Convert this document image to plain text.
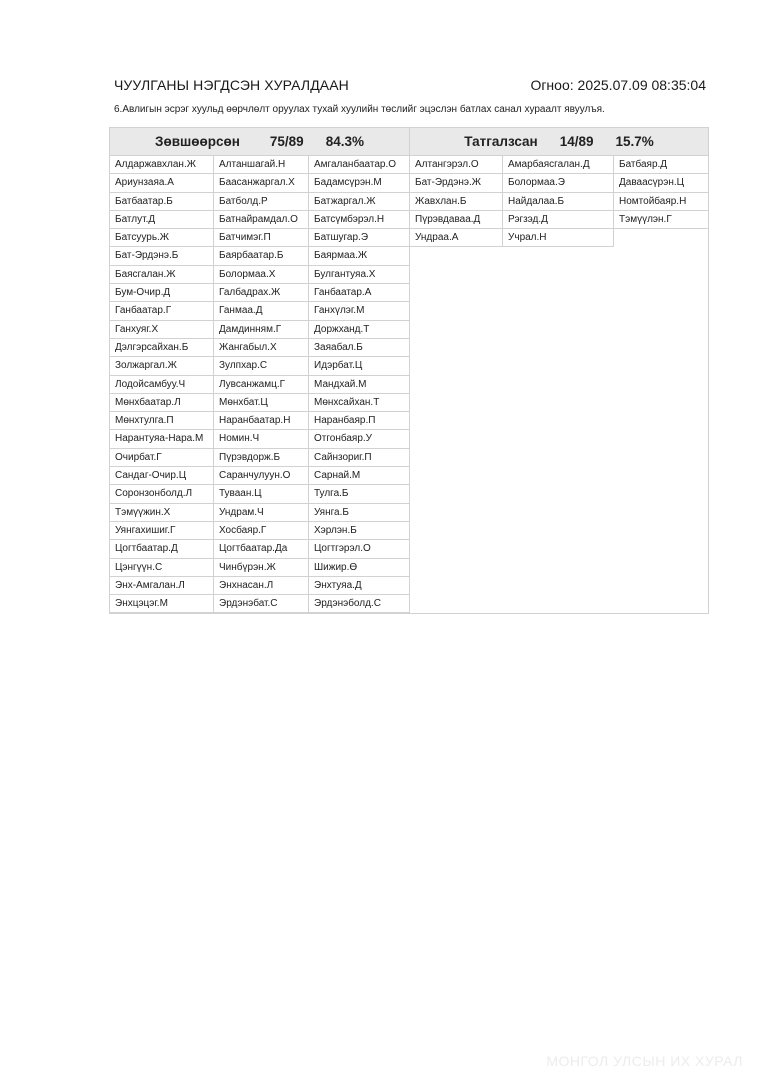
ЧУУЛГАНЫ НЭГДСЭН ХУРАЛДААН	Огноо: 2025.07.09 08:35:04
6.Авлигын эсрэг хуульд өөрчлөлт оруулах тухай хуулийн төслийг эцэслэн батлах санал хураалт явуулъя.
Зөвшөөрсөн 75/89 84.3%
Алдаржавхлан.Ж	Алтаншагай.Н	Амгаланбаатар.О
Ариунзаяа.А	Баасанжаргал.Х	Бадамсүрэн.М
Батбаатар.Б	Батболд.Р	Батжаргал.Ж
Батлут.Д	Батнайрамдал.О	Батсүмбэрэл.Н
Батсуурь.Ж	Батчимэг.П	Батшугар.Э
Бат-Эрдэнэ.Б	Баярбаатар.Б	Баярмаа.Ж
Баясгалан.Ж	Болормаа.Х	Булгантуяа.Х
Бум-Очир.Д	Галбадрах.Ж	Ганбаатар.А
Ганбаатар.Г	Ганмаа.Д	Ганхүлэг.М
Ганхуяг.Х	Дамдинням.Г	Доржханд.Т
Дэлгэрсайхан.Б	Жангабыл.Х	Заяабал.Б
Золжаргал.Ж	Зулпхар.С	Идэрбат.Ц
Лодойсамбуу.Ч	Лувсанжамц.Г	Мандхай.М
Мөнхбаатар.Л	Мөнхбат.Ц	Мөнхсайхан.Т
Мөнхтулга.П	Наранбаатар.Н	Наранбаяр.П
Нарантуяа-Нара.М	Номин.Ч	Отгонбаяр.У
Очирбат.Г	Пүрэвдорж.Б	Сайнзориг.П
Сандаг-Очир.Ц	Саранчулуун.О	Сарнай.М
Соронзонболд.Л	Туваан.Ц	Тулга.Б
Тэмүүжин.Х	Ундрам.Ч	Уянга.Б
Уянгахишиг.Г	Хосбаяр.Г	Хэрлэн.Б
Цогтбаатар.Д	Цогтбаатар.Да	Цогтгэрэл.О
Цэнгүүн.С	Чинбүрэн.Ж	Шижир.Ө
Энх-Амгалан.Л	Энхнасан.Л	Энхтуяа.Д
Энхцэцэг.М	Эрдэнэбат.С	Эрдэнэболд.С
Татгалзсан 14/89 15.7%
Алтангэрэл.О	Амарбаясгалан.Д	Батбаяр.Д
Бат-Эрдэнэ.Ж	Болормаа.Э	Даваасүрэн.Ц
Жавхлан.Б	Найдалаа.Б	Номтойбаяр.Н
Пүрэвдаваа.Д	Рэгзэд.Д	Тэмүүлэн.Г
Ундраа.А	Учрал.Н
МОНГОЛ УЛСЫН ИХ ХУРАЛ
